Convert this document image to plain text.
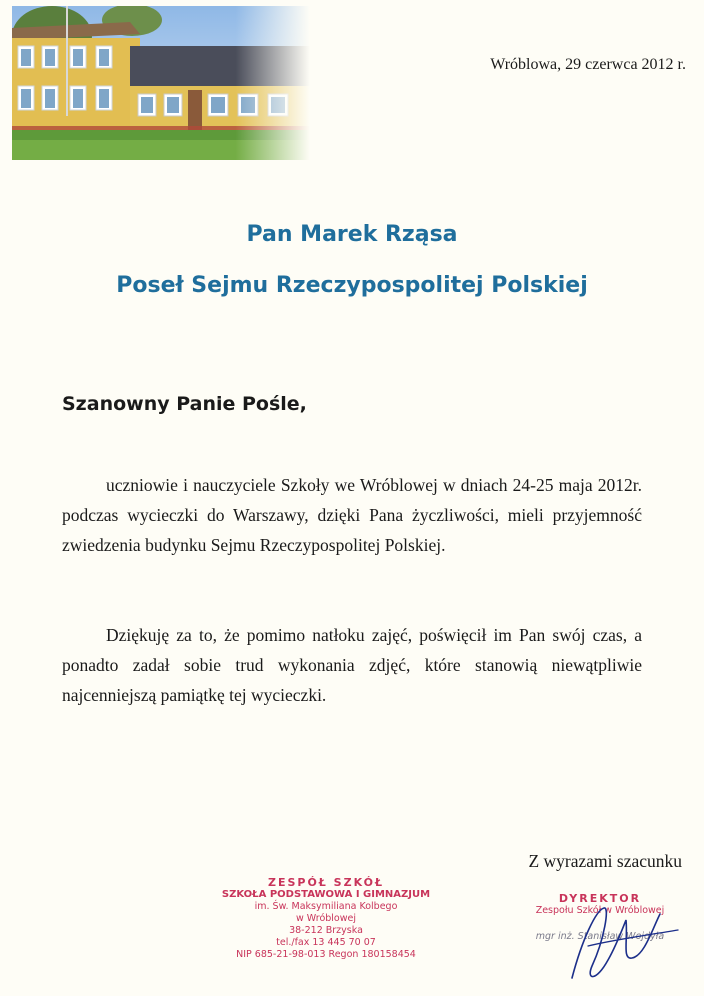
Wróblowa, 29 czerwca 2012 r.
Pan Marek Rząsa
Poseł Sejmu Rzeczypospolitej Polskiej
Szanowny Panie Pośle,

uczniowie i nauczyciele Szkoły we Wróblowej w dniach 24-25 maja 2012r. podczas wycieczki do Warszawy, dzięki Pana życzliwości, mieli przyjemność zwiedzenia budynku Sejmu Rzeczypospolitej Polskiej.

Dziękuję za to, że pomimo natłoku zajęć, poświęcił im Pan swój czas, a ponadto zadał sobie trud wykonania zdjęć, które stanowią niewątpliwie najcenniejszą pamiątkę tej wycieczki.

Z wyrazami szacunku
ZESPÓŁ SZKÓŁ
SZKOŁA PODSTAWOWA I GIMNAZJUM
im. Św. Maksymiliana Kolbego
w Wróblowej
38-212 Brzyska
tel./fax 13 445 70 07
NIP 685-21-98-013 Regon 180158454
DYREKTOR
Zespołu Szkół w Wróblowej
mgr inż. Stanisław Wojdyła
